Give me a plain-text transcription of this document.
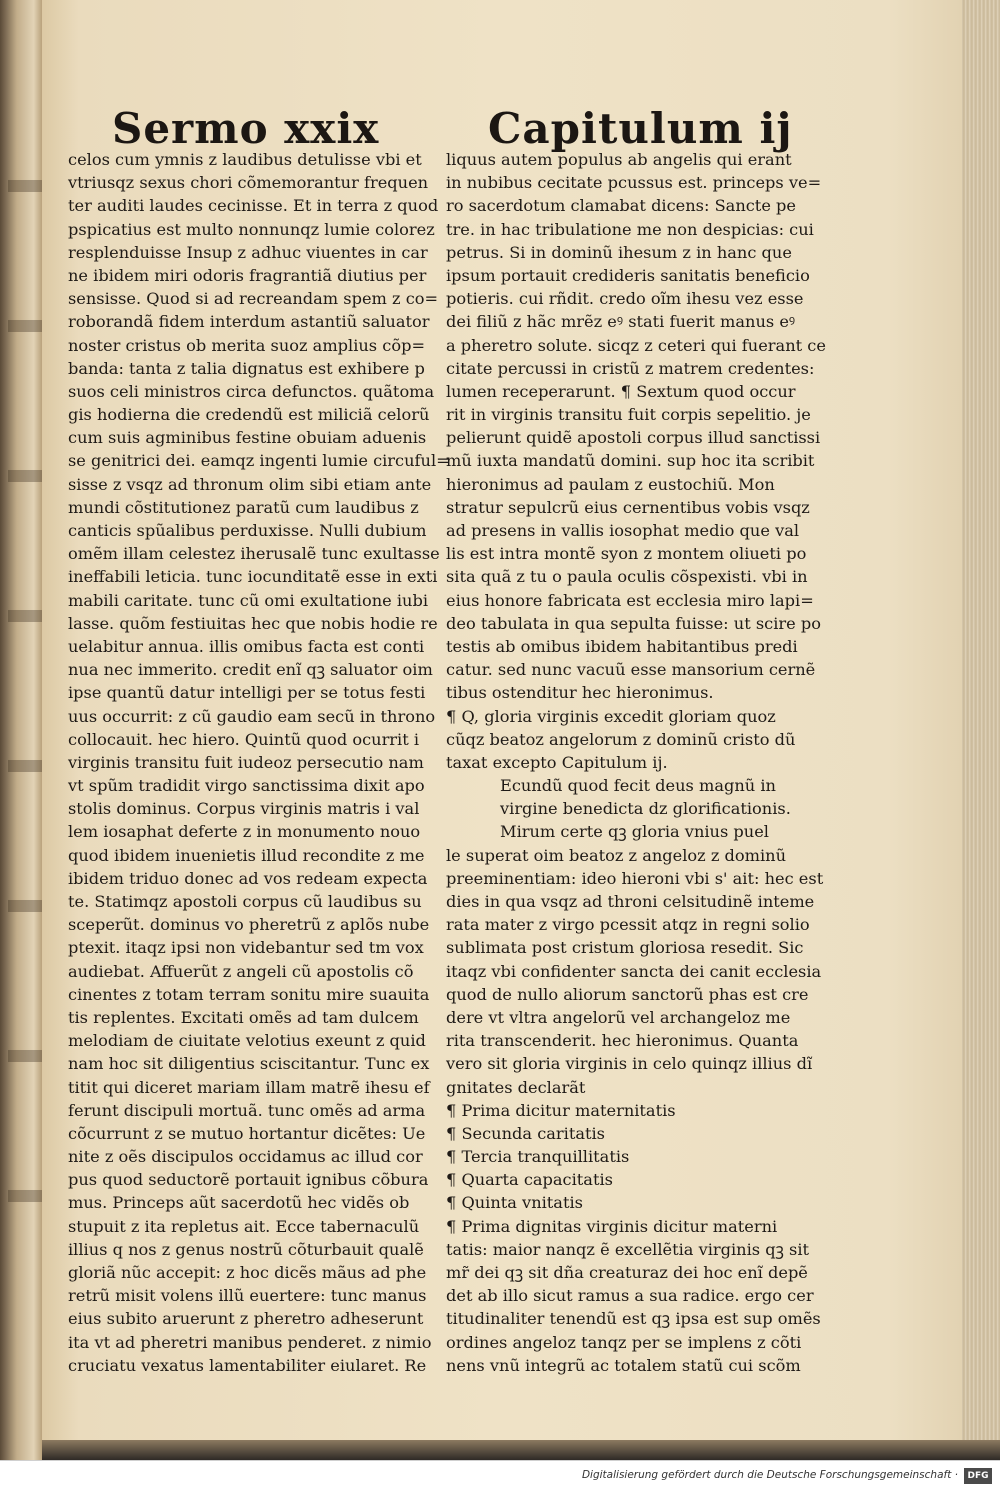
Sermo xxix	Capitulum ij
celos cum ymnis z laudibus detulisse vbi et
vtriusqz sexus chori cõmemorantur frequen
ter auditi laudes cecinisse. Et in terra z quod
pspicatius est multo nonnunqz lumie colorez
resplenduisse Insup z adhuc viuentes in car
ne ibidem miri odoris fragrantiã diutius per
sensisse. Quod si ad recreandam spem z co=
roborandã fidem interdum astantiũ saluator
noster cristus ob merita suoz amplius cõp=
banda: tanta z talia dignatus est exhibere p
suos celi ministros circa defunctos. quãtoma
gis hodierna die credendũ est miliciã celorũ
cum suis agminibus festine obuiam aduenis
se genitrici dei. eamqz ingenti lumie circuful=
sisse z vsqz ad thronum olim sibi etiam ante
mundi cõstitutionez paratũ cum laudibus z
canticis spũalibus perduxisse. Nulli dubium
omẽm illam celestez iherusalẽ tunc exultasse
ineffabili leticia. tunc iocunditatẽ esse in exti
mabili caritate. tunc cũ omi exultatione iubi
lasse. quõm festiuitas hec que nobis hodie re
uelabitur annua. illis omibus facta est conti
nua nec immerito. credit enĩ qꝫ saluator oim
ipse quantũ datur intelligi per se totus festi
uus occurrit: z cũ gaudio eam secũ in throno
collocauit. hec hiero. Quintũ quod ocurrit i
virginis transitu fuit iudeoz persecutio nam
vt spũm tradidit virgo sanctissima dixit apo
stolis dominus. Corpus virginis matris i val
lem iosaphat deferte z in monumento nouo
quod ibidem inuenietis illud recondite z me
ibidem triduo donec ad vos redeam expecta
te. Statimqz apostoli corpus cũ laudibus su
sceperũt. dominus vo pheretrũ z aplõs nube
ptexit. itaqz ipsi non videbantur sed tm vox
audiebat. Affuerũt z angeli cũ apostolis cõ
cinentes z totam terram sonitu mire suauita
tis replentes. Excitati omẽs ad tam dulcem
melodiam de ciuitate velotius exeunt z quid
nam hoc sit diligentius sciscitantur. Tunc ex
titit qui diceret mariam illam matrẽ ihesu ef
ferunt discipuli mortuã. tunc omẽs ad arma
cõcurrunt z se mutuo hortantur dicẽtes: Ue
nite z oẽs discipulos occidamus ac illud cor
pus quod seductorẽ portauit ignibus cõbura
mus. Princeps aũt sacerdotũ hec vidẽs ob
stupuit z ita repletus ait. Ecce tabernaculũ
illius q nos z genus nostrũ cõturbauit qualẽ
gloriã nũc accepit: z hoc dicẽs mãus ad phe
retrũ misit volens illũ euertere: tunc manus
eius subito aruerunt z pheretro adheserunt
ita vt ad pheretri manibus penderet. z nimio
cruciatu vexatus lamentabiliter eiularet. Re
liquus autem populus ab angelis qui erant
in nubibus cecitate pcussus est. princeps ve=
ro sacerdotum clamabat dicens: Sancte pe
tre. in hac tribulatione me non despicias: cui
petrus. Si in dominũ ihesum z in hanc que
ipsum portauit credideris sanitatis beneficio
potieris. cui rñdit. credo oĩm ihesu vez esse
dei filiũ z hãc mrẽz eꝰ stati fuerit manus eꝰ
a pheretro solute. sicqz z ceteri qui fuerant ce
citate percussi in cristũ z matrem credentes:
lumen receperarunt. ¶ Sextum quod occur
rit in virginis transitu fuit corpis sepelitio. je
pelierunt quidẽ apostoli corpus illud sanctissi
mũ iuxta mandatũ domini. sup hoc ita scribit
hieronimus ad paulam z eustochiũ. Mon
stratur sepulcrũ eius cernentibus vobis vsqz
ad presens in vallis iosophat medio que val
lis est intra montẽ syon z montem oliueti po
sita quã z tu o paula oculis cõspexisti. vbi in
eius honore fabricata est ecclesia miro lapi=
deo tabulata in qua sepulta fuisse: ut scire po
testis ab omibus ibidem habitantibus predi
catur. sed nunc vacuũ esse mansorium cernẽ
tibus ostenditur hec hieronimus.
¶ Q, gloria virginis excedit gloriam quoz
cũqz beatoz angelorum z dominũ cristo dũ
taxat excepto Capitulum ij.
Ecundũ quod fecit deus magnũ in
virgine benedicta dz glorificationis.
Mirum certe qꝫ gloria vnius puel
le superat oim beatoz z angeloz z dominũ
preeminentiam: ideo hieroni vbi s' ait: hec est
dies in qua vsqz ad throni celsitudinẽ inteme
rata mater z virgo pcessit atqz in regni solio
sublimata post cristum gloriosa resedit. Sic
itaqz vbi confidenter sancta dei canit ecclesia
quod de nullo aliorum sanctorũ phas est cre
dere vt vltra angelorũ vel archangeloz me
rita transcenderit. hec hieronimus. Quanta
vero sit gloria virginis in celo quinqz illius dĩ
gnitates declarãt
¶ Prima dicitur maternitatis
¶ Secunda caritatis
¶ Tercia tranquillitatis
¶ Quarta capacitatis
¶ Quinta vnitatis
¶ Prima dignitas virginis dicitur materni
tatis: maior nanqz ẽ excellẽtia virginis qꝫ sit
mr̃ dei qꝫ sit dña creaturaz dei hoc enĩ depẽ
det ab illo sicut ramus a sua radice. ergo cer
titudinaliter tenendũ est qꝫ ipsa est sup omẽs
ordines angeloz tanqz per se implens z cõti
nens vnũ integrũ ac totalem statũ cui scõm
Digitalisierung gefördert durch die Deutsche Forschungsgemeinschaft ·	DFG
